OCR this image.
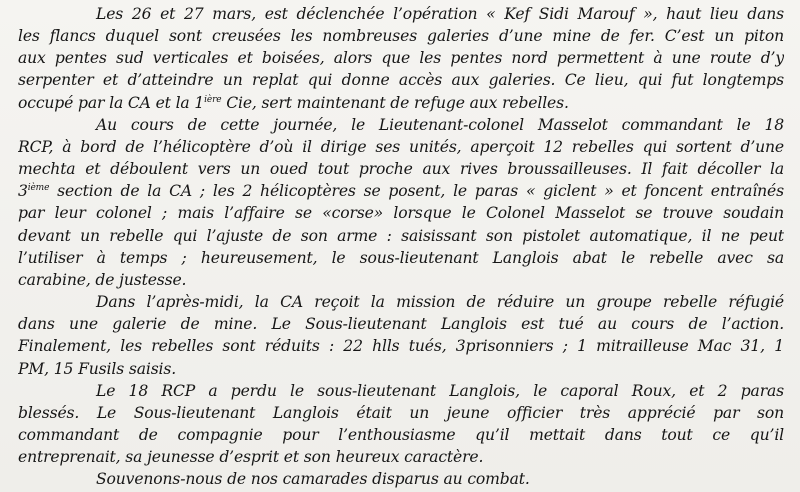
Les 26 et 27 mars, est déclenchée l’opération « Kef Sidi Marouf », haut lieu dans
les flancs duquel sont creusées les nombreuses galeries d’une mine de fer. C’est un piton
aux pentes sud verticales et boisées, alors que les pentes nord permettent à une route d’y
serpenter et d’atteindre un replat qui donne accès aux galeries. Ce lieu, qui fut longtemps
occupé par la CA et la $1^{ière}$ Cie, sert maintenant de refuge aux rebelles.
Au cours de cette journée, le Lieutenant-colonel Masselot commandant le 18
RCP, à bord de l’hélicoptère d’où il dirige ses unités, aperçoit 12 rebelles qui sortent d’une
mechta et déboulent vers un oued tout proche aux rives broussailleuses. Il fait décoller la
3ième section de la CA ; les 2 hélicoptères se posent, le paras « giclent » et foncent entraînés
par leur colonel ; mais l’affaire se «corse» lorsque le Colonel Masselot se trouve soudain
devant un rebelle qui l’ajuste de son arme : saisissant son pistolet automatique, il ne peut
l’utiliser à temps ; heureusement, le sous-lieutenant Langlois abat le rebelle avec sa
carabine, de justesse.
Dans l’après-midi, la CA reçoit la mission de réduire un groupe rebelle réfugié
dans une galerie de mine. Le Sous-lieutenant Langlois est tué au cours de l’action.
Finalement, les rebelles sont réduits : 22 hlls tués, 3prisonniers ; 1 mitrailleuse Mac 31, 1
PM, 15 Fusils saisis.
Le 18 RCP a perdu le sous-lieutenant Langlois, le caporal Roux, et 2 paras
blessés. Le Sous-lieutenant Langlois était un jeune officier très apprécié par son
commandant de compagnie pour l’enthousiasme qu’il mettait dans tout ce qu’il
entreprenait, sa jeunesse d’esprit et son heureux caractère.
Souvenons-nous de nos camarades disparus au combat.
